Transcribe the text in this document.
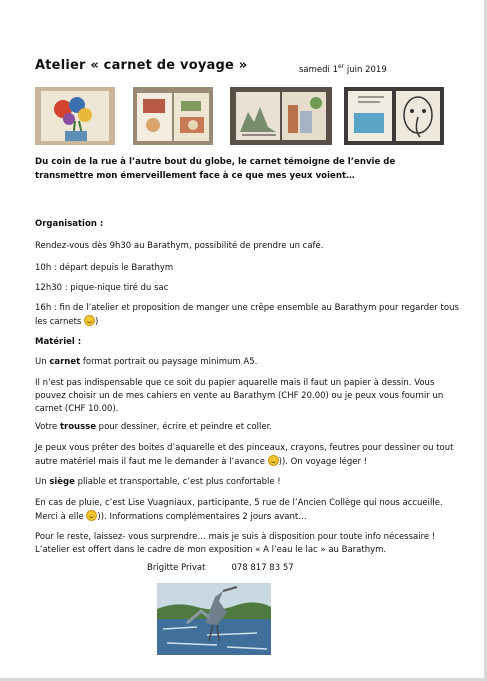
Atelier « carnet de voyage »	samedi 1er juin 2019
Du coin de la rue à l’autre bout du globe, le carnet témoigne de l’envie de transmettre mon émerveillement face à ce que mes yeux voient…
Organisation :
Rendez-vous dès 9h30 au Barathym, possibilité de prendre un café.
10h : départ depuis le Barathym
12h30 : pique-nique tiré du sac
16h : fin de l’atelier et proposition de manger une crêpe ensemble au Barathym pour regarder tous les carnets )
Matériel :
Un carnet format portrait ou paysage minimum A5.
Il n’est pas indispensable que ce soit du papier aquarelle mais il faut un papier à dessin. Vous pouvez choisir un de mes cahiers en vente au Barathym (CHF 20.00) ou je peux vous fournir un carnet (CHF 10.00).
Votre trousse pour dessiner, écrire et peindre et coller.
Je peux vous prêter des boites d’aquarelle et des pinceaux, crayons, feutres pour dessiner ou tout autre matériel mais il faut me le demander à l’avance )). On voyage léger !
Un siège pliable et transportable, c’est plus confortable !
En cas de pluie, c’est Lise Vuagniaux, participante, 5 rue de l’Ancien Collège qui nous accueille. Merci à elle )). Informations complémentaires 2 jours avant…
Pour le reste, laissez- vous surprendre… mais je suis à disposition pour toute info nécessaire !
L’atelier est offert dans le cadre de mon exposition « A l’eau le lac » au Barathym.
Brigitte Privat	078 817 83 57
